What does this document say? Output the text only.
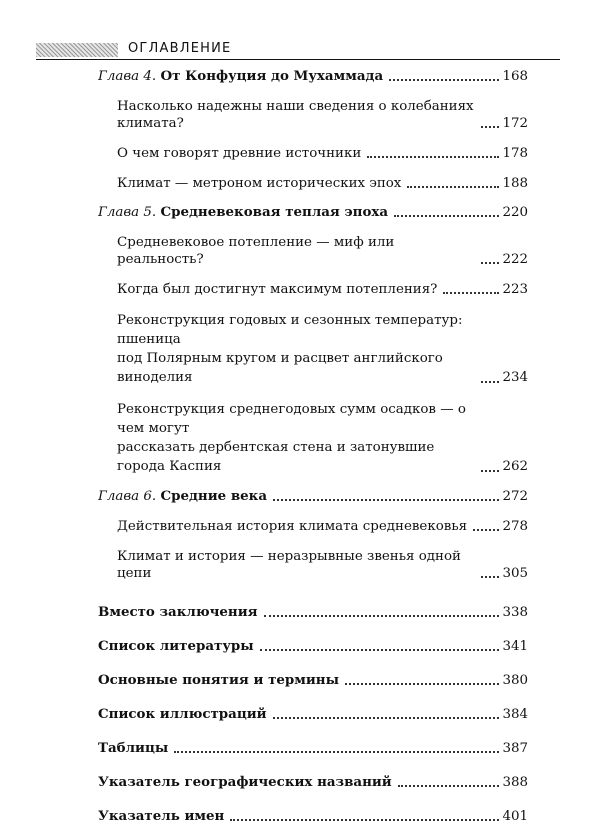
ОГЛАВЛЕНИЕ
Глава 4. От Конфуция до Мухаммада	168
Насколько надежны наши сведения о колебаниях климата?	172
О чем говорят древние источники	178
Климат — метроном исторических эпох	188
Глава 5. Средневековая теплая эпоха	220
Средневековое потепление — миф или реальность?	222
Когда был достигнут максимум потепления?	223
Реконструкция годовых и сезонных температур: пшеница
под Полярным кругом и расцвет английского виноделия	234
Реконструкция среднегодовых сумм осадков — о чем могут
рассказать дербентская стена и затонувшие города Каспия	262
Глава 6. Средние века	272
Действительная история климата средневековья	278
Климат и история — неразрывные звенья одной цепи	305
Вместо заключения	338
Список литературы	341
Основные понятия и термины	380
Список иллюстраций	384
Таблицы	387
Указатель географических названий	388
Указатель имен	401
